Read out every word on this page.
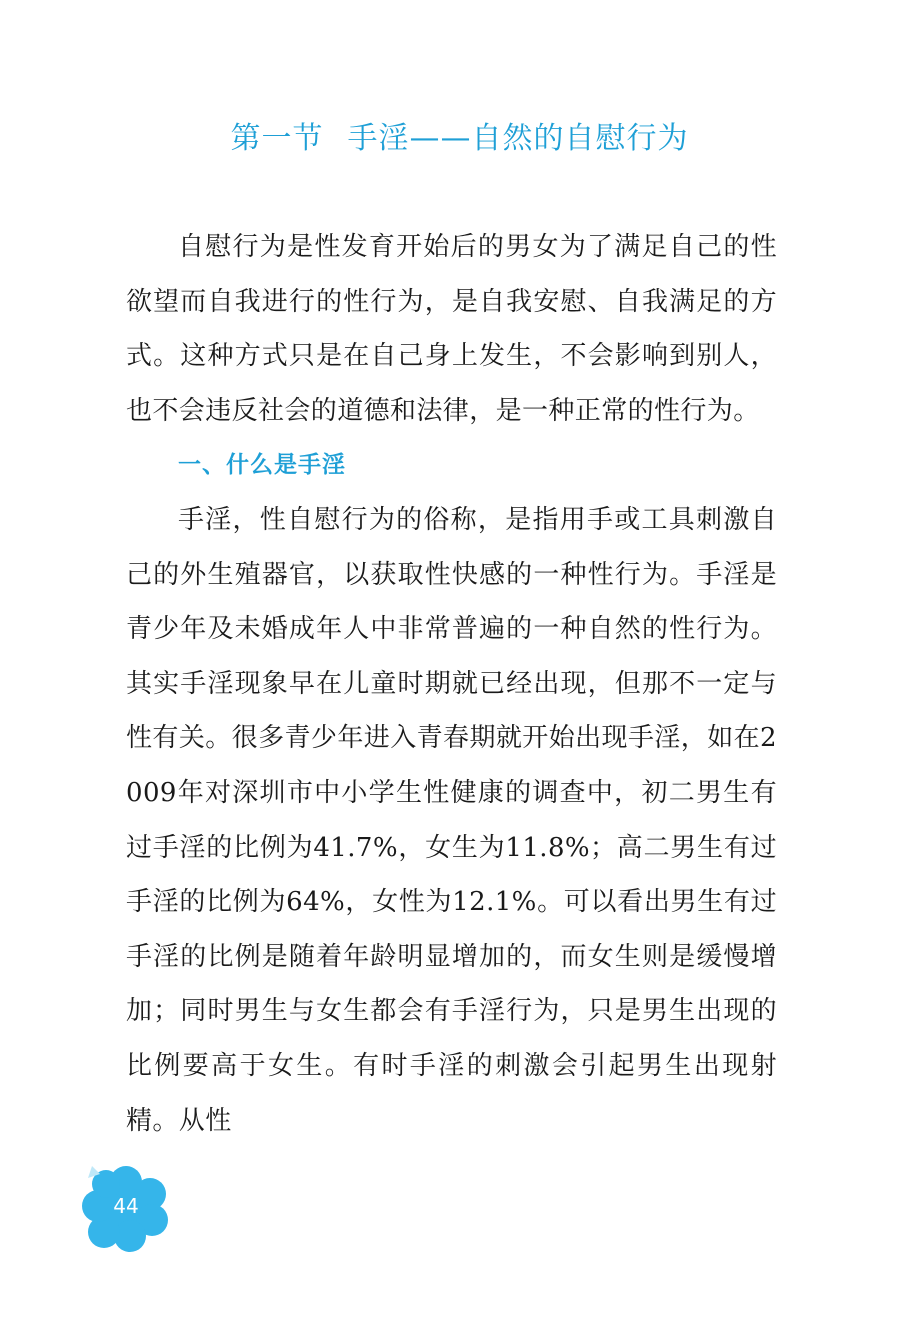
第一节 手淫——自然的自慰行为

自慰行为是性发育开始后的男女为了满足自己的性欲望而自我进行的性行为，是自我安慰、自我满足的方式。这种方式只是在自己身上发生，不会影响到别人，也不会违反社会的道德和法律，是一种正常的性行为。

一、什么是手淫

手淫，性自慰行为的俗称，是指用手或工具刺激自己的外生殖器官，以获取性快感的一种性行为。手淫是青少年及未婚成年人中非常普遍的一种自然的性行为。其实手淫现象早在儿童时期就已经出现，但那不一定与性有关。很多青少年进入青春期就开始出现手淫，如在2009年对深圳市中小学生性健康的调查中，初二男生有过手淫的比例为41.7%，女生为11.8%；高二男生有过手淫的比例为64%，女性为12.1%。可以看出男生有过手淫的比例是随着年龄明显增加的，而女生则是缓慢增加；同时男生与女生都会有手淫行为，只是男生出现的比例要高于女生。有时手淫的刺激会引起男生出现射精。从性

44
